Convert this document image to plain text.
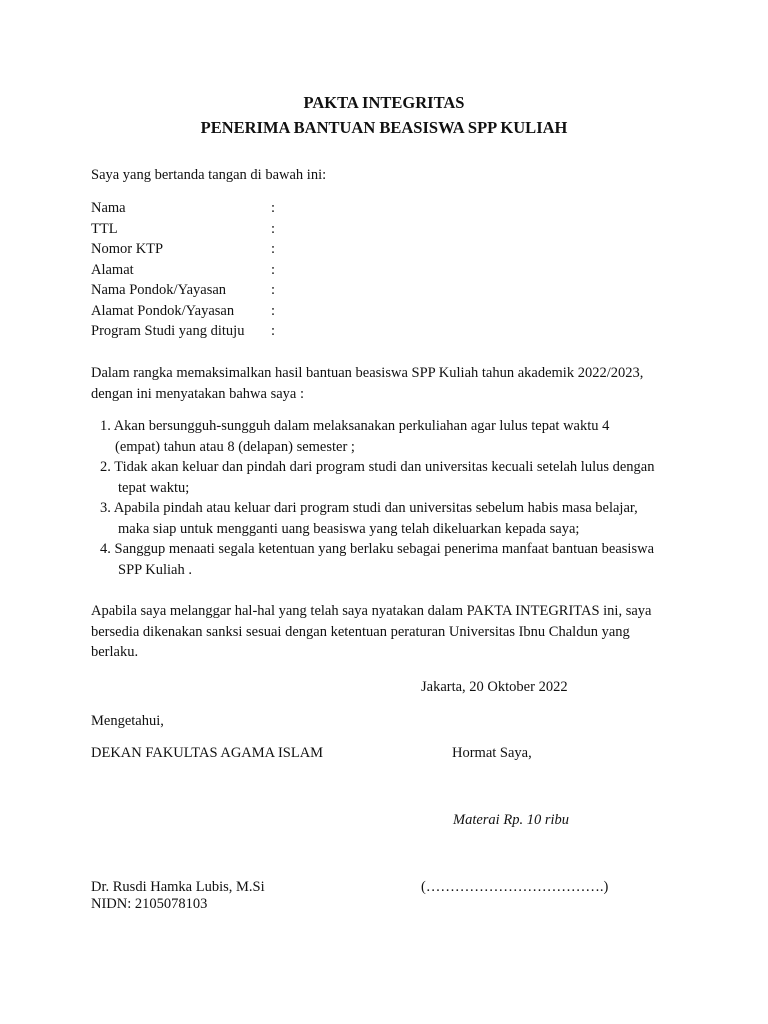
PAKTA INTEGRITAS
PENERIMA BANTUAN BEASISWA SPP KULIAH
Saya yang bertanda tangan di bawah ini:
Nama	:
TTL	:
Nomor KTP	:
Alamat	:
Nama Pondok/Yayasan	:
Alamat Pondok/Yayasan	:
Program Studi yang dituju :
Dalam rangka memaksimalkan hasil bantuan beasiswa SPP Kuliah tahun akademik 2022/2023,
dengan ini menyatakan bahwa saya :
1. Akan bersungguh-sungguh dalam melaksanakan perkuliahan agar lulus tepat waktu 4
(empat) tahun atau 8 (delapan) semester ;
2. Tidak akan keluar dan pindah dari program studi dan universitas kecuali setelah lulus dengan
tepat waktu;
3. Apabila pindah atau keluar dari program studi dan universitas sebelum habis masa belajar,
maka siap untuk mengganti uang beasiswa yang telah dikeluarkan kepada saya;
4. Sanggup menaati segala ketentuan yang berlaku sebagai penerima manfaat bantuan beasiswa
SPP Kuliah .
Apabila saya melanggar hal-hal yang telah saya nyatakan dalam PAKTA INTEGRITAS ini, saya
bersedia dikenakan sanksi sesuai dengan ketentuan peraturan Universitas Ibnu Chaldun yang
berlaku.
Jakarta, 20 Oktober 2022
Mengetahui,
DEKAN FAKULTAS AGAMA ISLAM	Hormat Saya,
Materai Rp. 10 ribu
Dr. Rusdi Hamka Lubis, M.Si
NIDN: 2105078103
(……………………………….)
